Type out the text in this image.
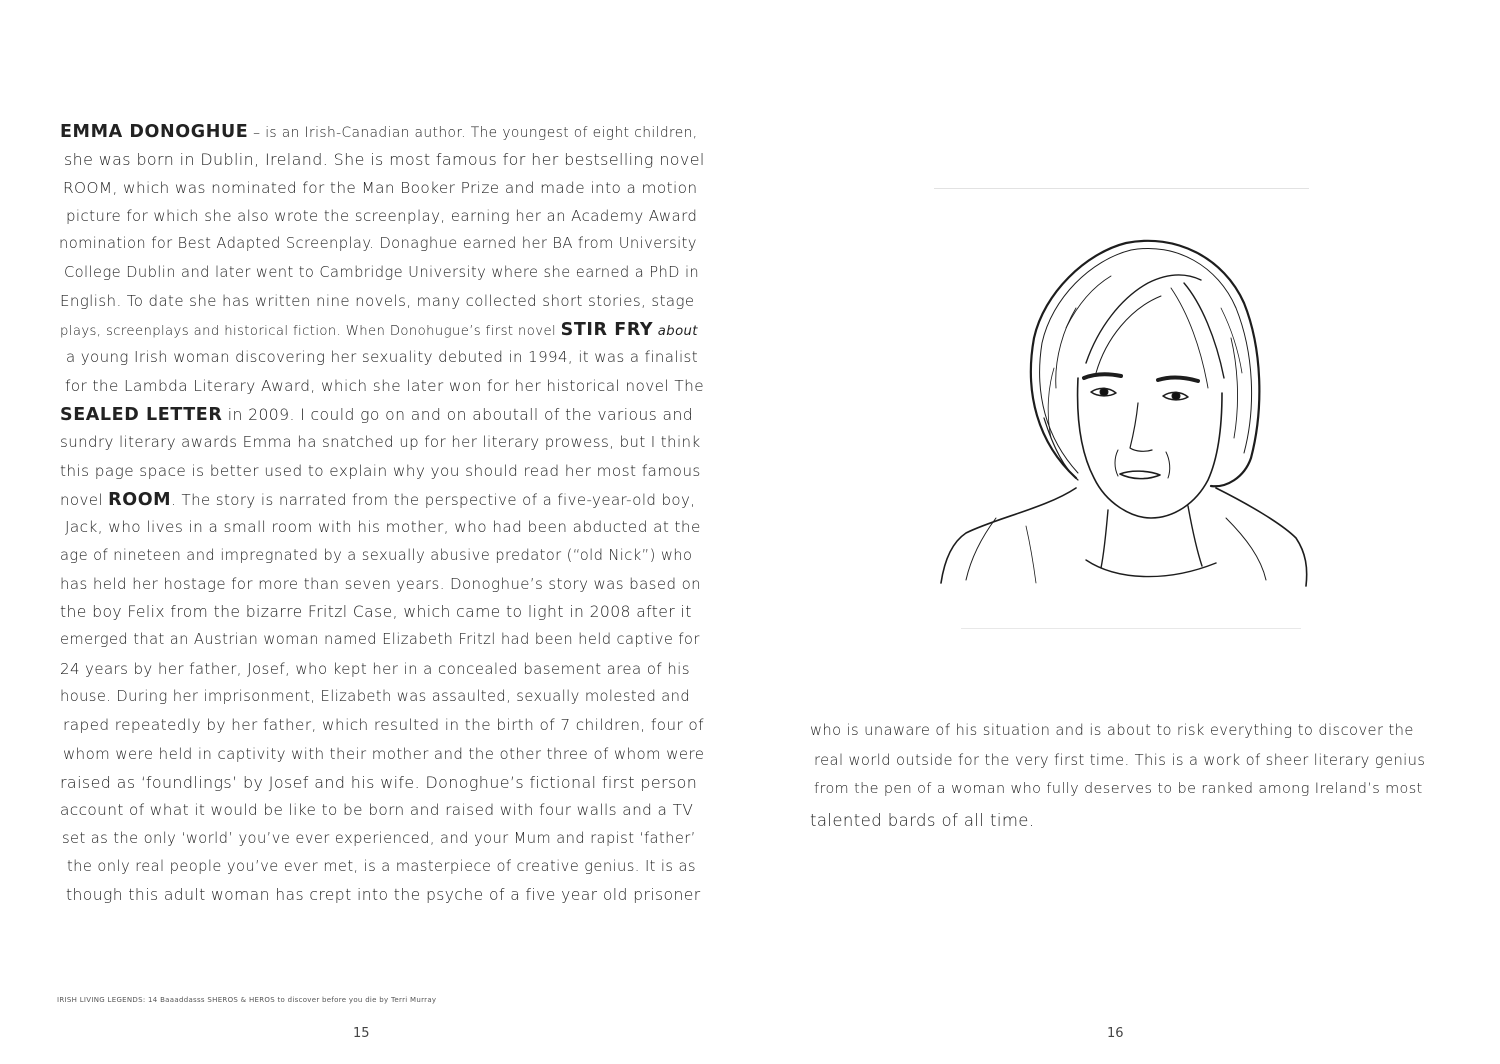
EMMA DONOGHUE – is an Irish-Canadian author. The youngest of eight children,
she was born in Dublin, Ireland. She is most famous for her bestselling novel
ROOM, which was nominated for the Man Booker Prize and made into a motion
picture for which she also wrote the screenplay, earning her an Academy Award
nomination for Best Adapted Screenplay. Donaghue earned her BA from University
College Dublin and later went to Cambridge University where she earned a PhD in
English. To date she has written nine novels, many collected short stories, stage
plays, screenplays and historical fiction. When Donohugue’s first novel STIR FRY about
a young Irish woman discovering her sexuality debuted in 1994, it was a finalist
for the Lambda Literary Award, which she later won for her historical novel The
SEALED LETTER in 2009. I could go on and on aboutall of the various and
sundry literary awards Emma ha snatched up for her literary prowess, but I think
this page space is better used to explain why you should read her most famous
novel ROOM. The story is narrated from the perspective of a five-year-old boy,
Jack, who lives in a small room with his mother, who had been abducted at the
age of nineteen and impregnated by a sexually abusive predator (“old Nick”) who
has held her hostage for more than seven years. Donoghue’s story was based on
the boy Felix from the bizarre Fritzl Case, which came to light in 2008 after it
emerged that an Austrian woman named Elizabeth Fritzl had been held captive for
24 years by her father, Josef, who kept her in a concealed basement area of his
house. During her imprisonment, Elizabeth was assaulted, sexually molested and
raped repeatedly by her father, which resulted in the birth of 7 children, four of
whom were held in captivity with their mother and the other three of whom were
raised as ‘foundlings’ by Josef and his wife. Donoghue’s fictional first person
account of what it would be like to be born and raised with four walls and a TV
set as the only ‘world’ you’ve ever experienced, and your Mum and rapist ‘father’
the only real people you’ve ever met, is a masterpiece of creative genius. It is as
though this adult woman has crept into the psyche of a five year old prisoner
IRISH LIVING LEGENDS: 14 Baaaddasss SHEROS & HEROS to discover before you die by Terri Murray
15	16
who is unaware of his situation and is about to risk everything to discover the
real world outside for the very first time. This is a work of sheer literary genius
from the pen of a woman who fully deserves to be ranked among Ireland’s most
talented bards of all time.
